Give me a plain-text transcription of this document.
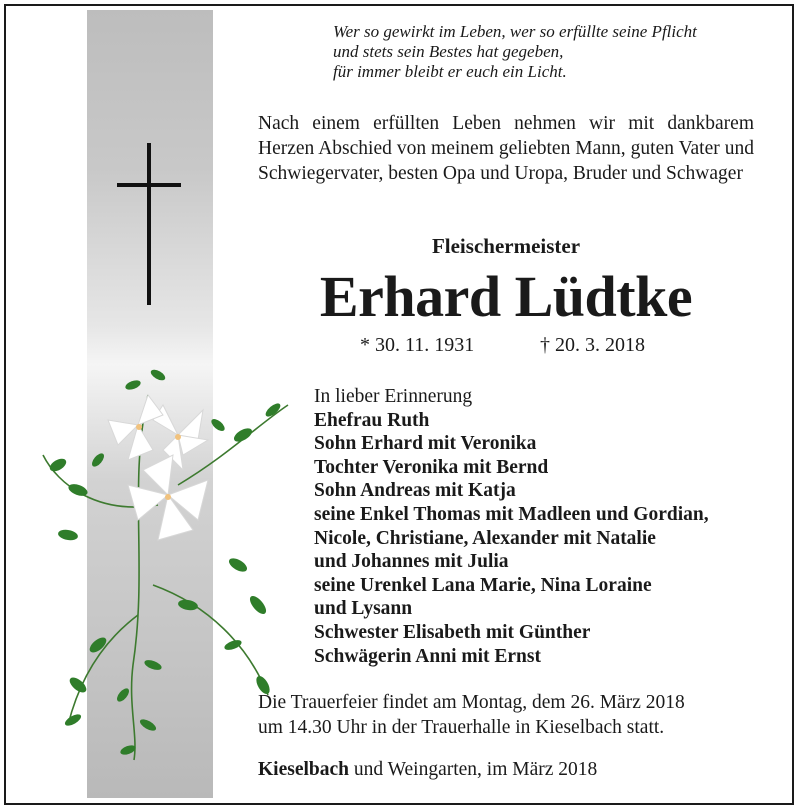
Wer so gewirkt im Leben, wer so erfüllte seine Pflicht
und stets sein Bestes hat gegeben,
für immer bleibt er euch ein Licht.
Nach einem erfüllten Leben nehmen wir mit dankbarem Herzen Abschied von meinem geliebten Mann, guten Vater und Schwiegervater, besten Opa und Uropa, Bruder und Schwager
Fleischermeister
Erhard Lüdtke
* 30. 11. 1931	† 20. 3. 2018
In lieber Erinnerung
Ehefrau Ruth
Sohn Erhard mit Veronika
Tochter Veronika mit Bernd
Sohn Andreas mit Katja
seine Enkel Thomas mit Madleen und Gordian,
Nicole, Christiane, Alexander mit Natalie
und Johannes mit Julia
seine Urenkel Lana Marie, Nina Loraine
und Lysann
Schwester Elisabeth mit Günther
Schwägerin Anni mit Ernst
Die Trauerfeier findet am Montag, dem 26. März 2018
um 14.30 Uhr in der Trauerhalle in Kieselbach statt.
Kieselbach und Weingarten, im März 2018
